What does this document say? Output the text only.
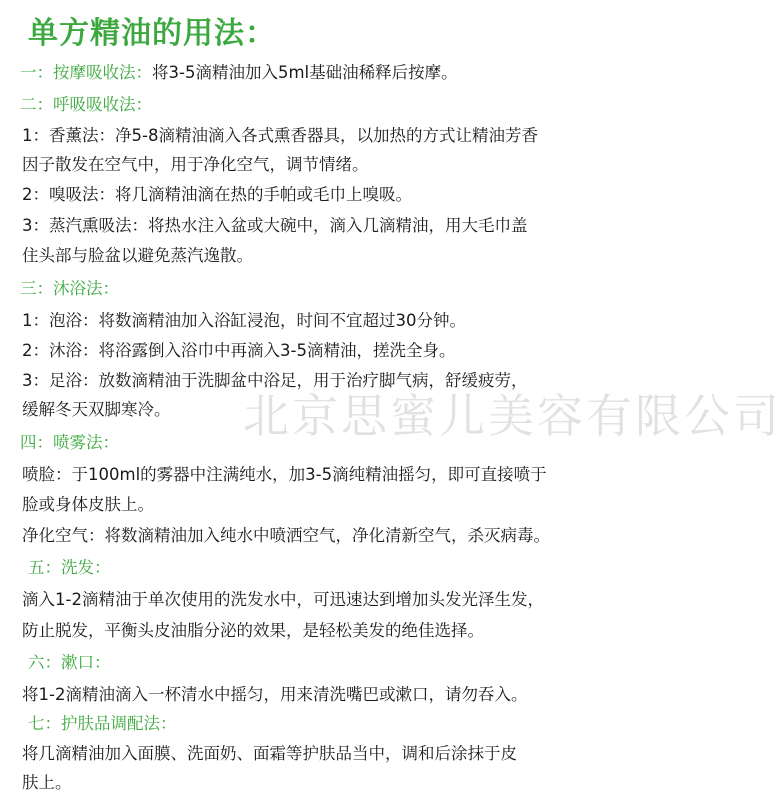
单方精油的用法：
一：按摩吸收法：将3-5滴精油加入5ml基础油稀释后按摩。
二：呼吸吸收法：
1：香薰法：净5-8滴精油滴入各式熏香器具，以加热的方式让精油芳香
因子散发在空气中，用于净化空气，调节情绪。
2：嗅吸法：将几滴精油滴在热的手帕或毛巾上嗅吸。
3：蒸汽熏吸法：将热水注入盆或大碗中，滴入几滴精油，用大毛巾盖
住头部与脸盆以避免蒸汽逸散。
三：沐浴法：
1：泡浴：将数滴精油加入浴缸浸泡，时间不宜超过30分钟。
2：沐浴：将浴露倒入浴巾中再滴入3-5滴精油，搓洗全身。
3：足浴：放数滴精油于洗脚盆中浴足，用于治疗脚气病，舒缓疲劳，
缓解冬天双脚寒冷。
四：喷雾法：
喷脸：于100ml的雾器中注满纯水，加3-5滴纯精油摇匀，即可直接喷于
脸或身体皮肤上。
净化空气：将数滴精油加入纯水中喷洒空气，净化清新空气，杀灭病毒。
五：洗发：
滴入1-2滴精油于单次使用的洗发水中，可迅速达到增加头发光泽生发，
防止脱发，平衡头皮油脂分泌的效果，是轻松美发的绝佳选择。
六：漱口：
将1-2滴精油滴入一杯清水中摇匀，用来清洗嘴巴或漱口，请勿吞入。
七：护肤品调配法：
将几滴精油加入面膜、洗面奶、面霜等护肤品当中，调和后涂抹于皮
肤上。
北京思蜜儿美容有限公司
